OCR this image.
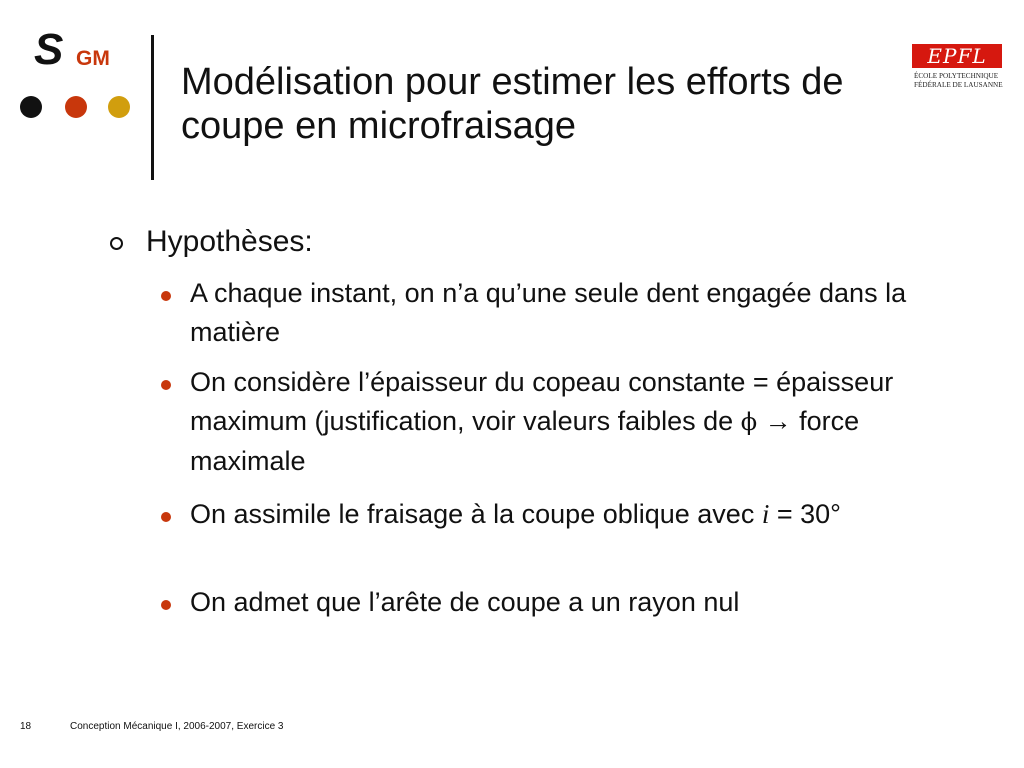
S GM
Modélisation pour estimer les efforts de coupe en microfraisage
EPFL
ÉCOLE POLYTECHNIQUE
FÉDÉRALE DE LAUSANNE
Hypothèses:
A chaque instant, on n’a qu’une seule dent engagée dans la matière
On considère l’épaisseur du copeau constante = épaisseur maximum (justification, voir valeurs faibles de ϕ → force maximale
On assimile le fraisage à la coupe oblique avec i = 30°
On admet que l’arête de coupe a un rayon nul
18	Conception Mécanique I, 2006-2007, Exercice 3
